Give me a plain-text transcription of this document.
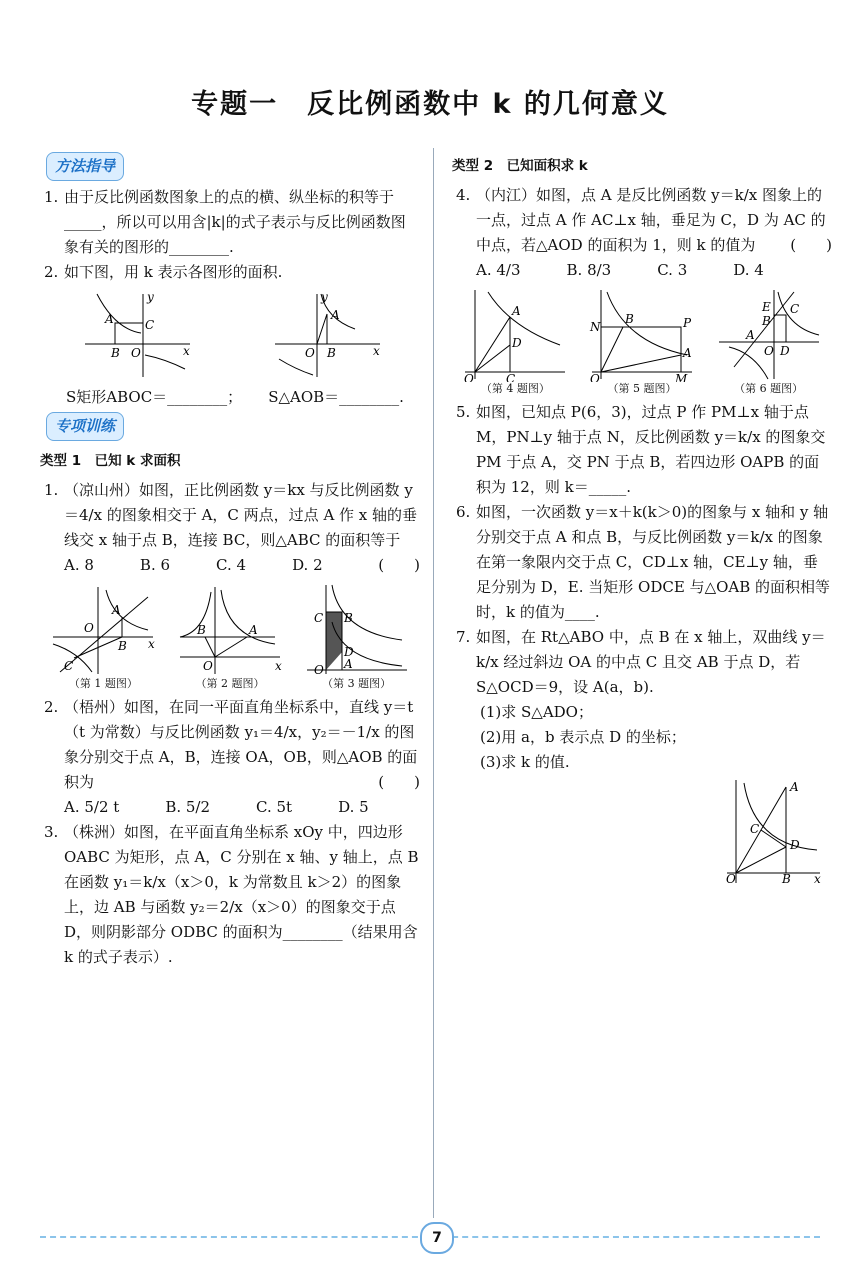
专题一　反比例函数中 k 的几何意义
方法指导
1. 由于反比例函数图象上的点的横、纵坐标的积等于_____，所以可以用含|k|的式子表示与反比例函数图象有关的图形的________.
2. 如下图，用 k 表示各图形的面积.
A	C
B O	x
y
A
O B	x
y
S矩形ABOC＝________； S△AOB＝________.
专项训练
类型 1　已知 k 求面积
1. （凉山州）如图，正比例函数 y＝kx 与反比例函数 y＝4/x 的图象相交于 A，C 两点，过点 A 作 x 轴的垂线交 x 轴于点 B，连接 BC，则△ABC 的面积等于
(　　)
A. 8	B. 6	C. 4	D. 2
A
B
O
C
x
（第 1 题图）
B	A
O	x
（第 2 题图）
C B
D
A
O
（第 3 题图）
2. （梧州）如图，在同一平面直角坐标系中，直线 y＝t（t 为常数）与反比例函数 y₁＝4/x，y₂＝－1/x 的图象分别交于点 A，B，连接 OA，OB，则△AOB 的面积为	(　　)
A. 5/2 t	B. 5/2	C. 5t	D. 5
3. （株洲）如图，在平面直角坐标系 xOy 中，四边形 OABC 为矩形，点 A，C 分别在 x 轴、y 轴上，点 B 在函数 y₁＝k/x（x＞0，k 为常数且 k＞2）的图象上，边 AB 与函数 y₂＝2/x（x＞0）的图象交于点 D，则阴影部分 ODBC 的面积为________（结果用含 k 的式子表示）.
类型 2　已知面积求 k
4. （内江）如图，点 A 是反比例函数 y＝k/x 图象上的一点，过点 A 作 AC⊥x 轴，垂足为 C，D 为 AC 的中点，若△AOD 的面积为 1，则 k 的值为 (　　)
A. 4/3	B. 8/3	C. 3	D. 4
A
D
C
O
（第 4 题图）
N
B	P
A
M
O
（第 5 题图）
E
B
C
A
O D
（第 6 题图）
5. 如图，已知点 P(6，3)，过点 P 作 PM⊥x 轴于点 M，PN⊥y 轴于点 N，反比例函数 y＝k/x 的图象交 PM 于点 A，交 PN 于点 B，若四边形 OAPB 的面积为 12，则 k＝_____.
6. 如图，一次函数 y＝x＋k(k＞0)的图象与 x 轴和 y 轴分别交于点 A 和点 B，与反比例函数 y＝k/x 的图象在第一象限内交于点 C，CD⊥x 轴，CE⊥y 轴，垂足分别为 D，E. 当矩形 ODCE 与△OAB 的面积相等时，k 的值为____.
7. 如图，在 Rt△ABO 中，点 B 在 x 轴上，双曲线 y＝k/x 经过斜边 OA 的中点 C 且交 AB 于点 D，若 S△OCD＝9，设 A(a，b).
(1)求 S△ADO；
(2)用 a，b 表示点 D 的坐标；
(3)求 k 的值.
A
C
D
O	B x
7
